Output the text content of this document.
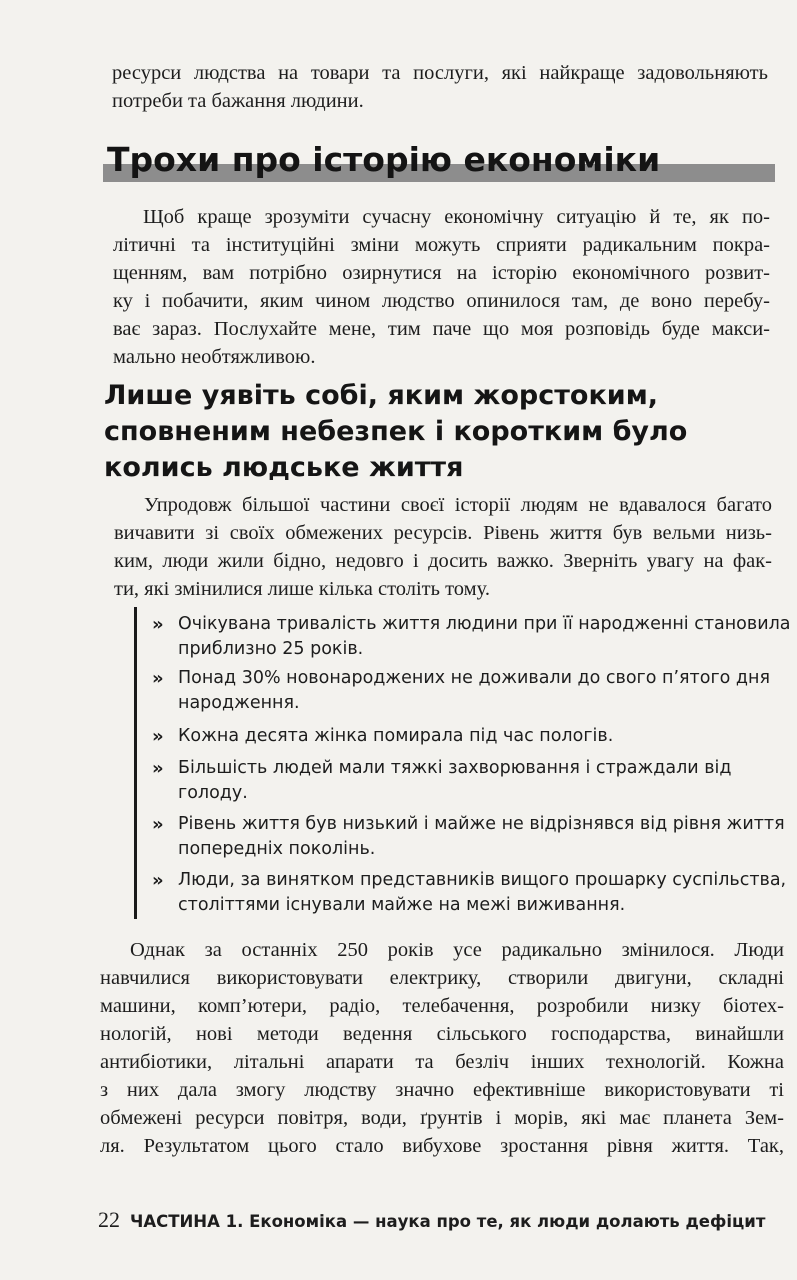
ресурси людства на товари та послуги, які найкраще задовольняють
потреби та бажання людини.
Трохи про історію економіки
Щоб краще зрозуміти сучасну економічну ситуацію й те, як по-
літичні та інституційні зміни можуть сприяти радикальним покра-
щенням, вам потрібно озирнутися на історію економічного розвит-
ку і побачити, яким чином людство опинилося там, де воно перебу-
ває зараз. Послухайте мене, тим паче що моя розповідь буде макси-
мально необтяжливою.
Лише уявіть собі, яким жорстоким,
сповненим небезпек і коротким було
колись людське життя
Упродовж більшої частини своєї історії людям не вдавалося багато
вичавити зі своїх обмежених ресурсів. Рівень життя був вельми низь-
ким, люди жили бідно, недовго і досить важко. Зверніть увагу на фак-
ти, які змінилися лише кілька століть тому.
» Очікувана тривалість життя людини при її народженні становила
приблизно 25 років.
» Понад 30% новонароджених не доживали до свого п’ятого дня
народження.
» Кожна десята жінка помирала під час пологів.
» Більшість людей мали тяжкі захворювання і страждали від
голоду.
» Рівень життя був низький і майже не відрізнявся від рівня життя
попередніх поколінь.
» Люди, за винятком представників вищого прошарку суспільства,
століттями існували майже на межі виживання.
Однак за останніх 250 років усе радикально змінилося. Люди
навчилися використовувати електрику, створили двигуни, складні
машини, комп’ютери, радіо, телебачення, розробили низку біотех-
нологій, нові методи ведення сільського господарства, винайшли
антибіотики, літальні апарати та безліч інших технологій. Кожна
з них дала змогу людству значно ефективніше використовувати ті
обмежені ресурси повітря, води, ґрунтів і морів, які має планета Зем-
ля. Результатом цього стало вибухове зростання рівня життя. Так,
22 ЧАСТИНА 1. Економіка — наука про те, як люди долають дефіцит
